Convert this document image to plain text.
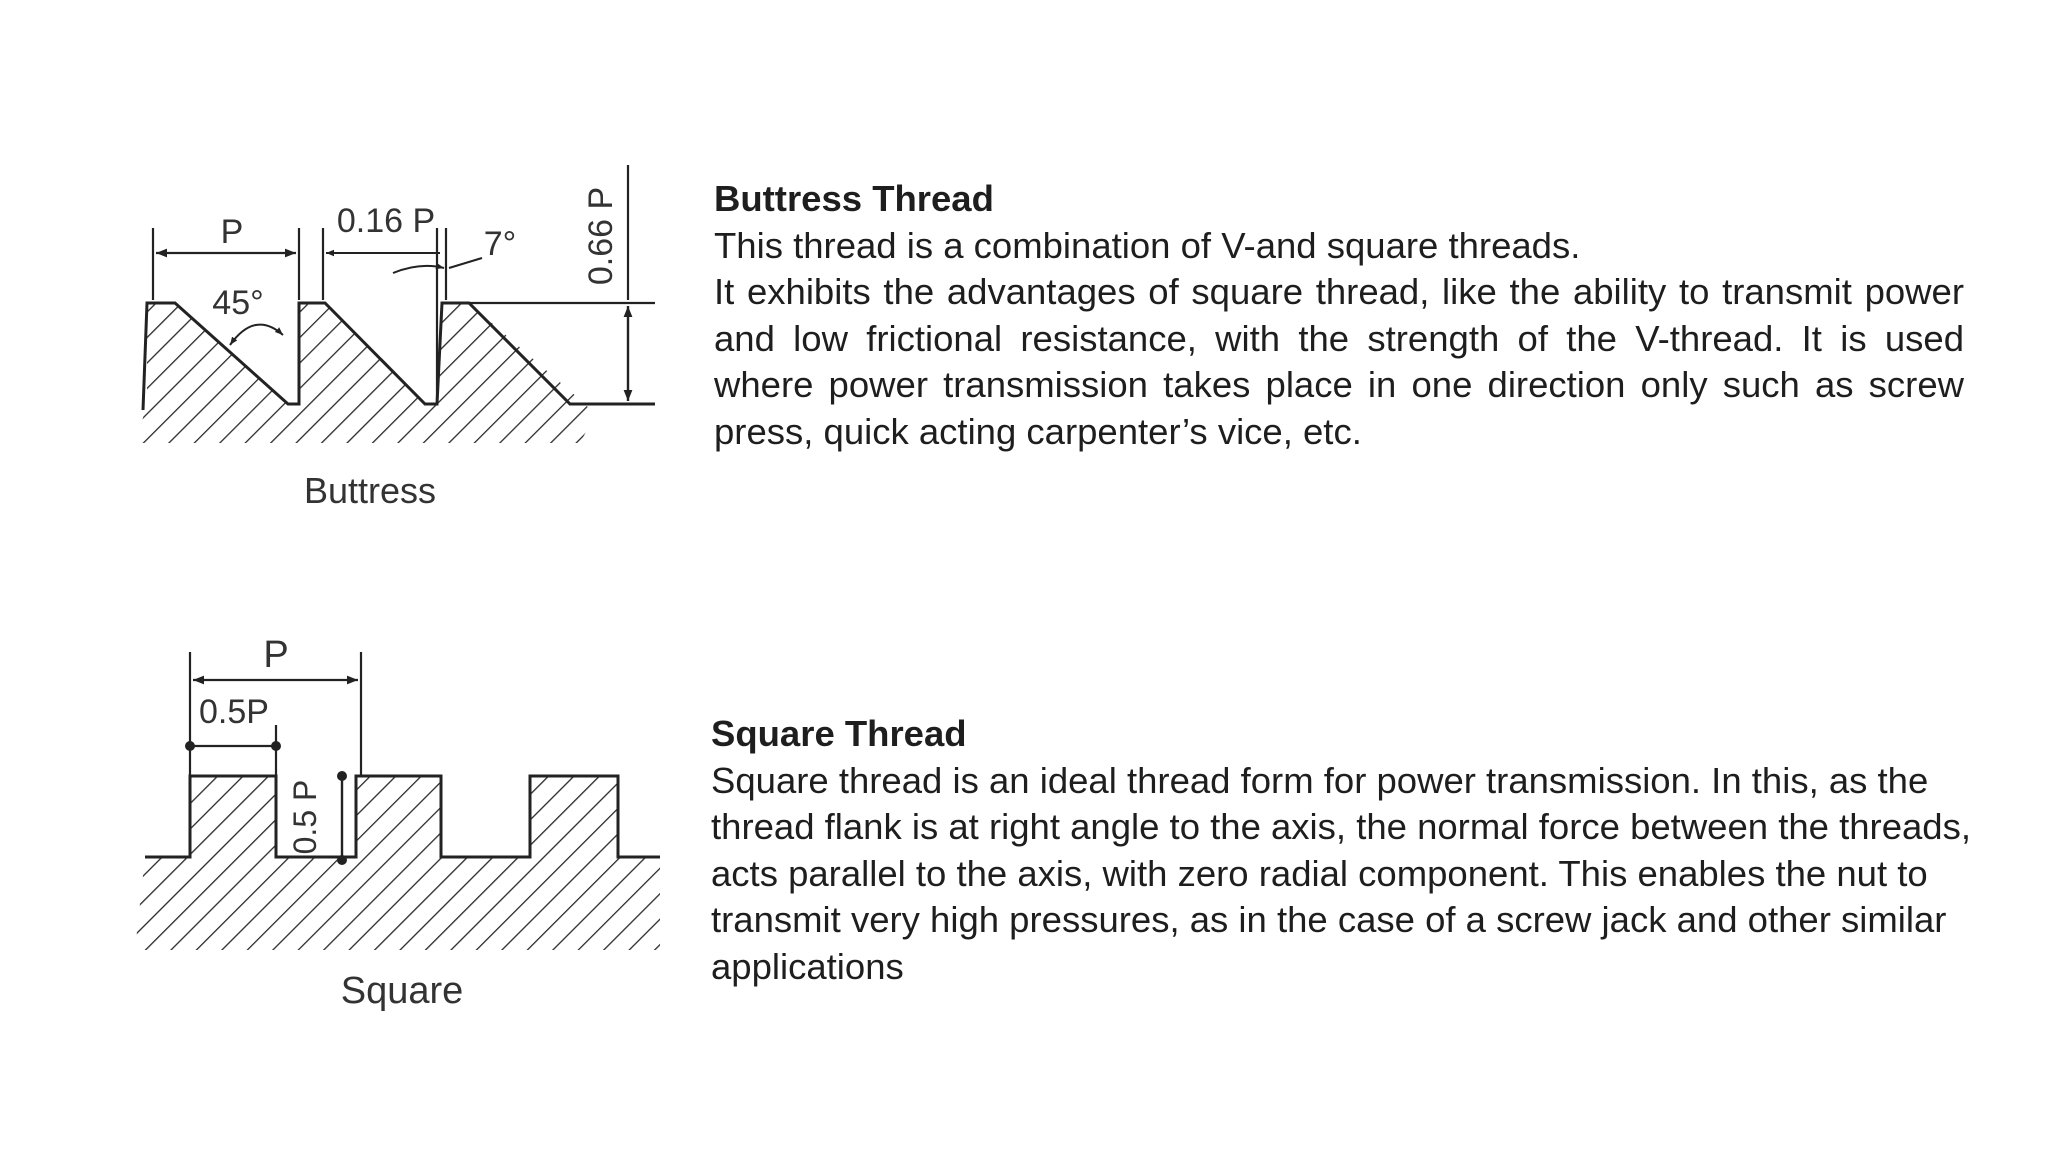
P	0.16 P
7°
45°
0.66 P
Buttress
P
0.5P
0.5 P
Square
Buttress Thread
This thread is a combination of V-and square threads.
It exhibits the advantages of square thread, like the ability to transmit power and low frictional resistance, with the strength of the V-thread. It is used where power transmission takes place in one direction only such as screw press, quick acting carpenter’s vice, etc.
Square Thread
Square thread is an ideal thread form for power transmission. In this, as the thread flank is at right angle to the axis, the normal force between the threads, acts parallel to the axis, with zero radial component. This enables the nut to transmit very high pressures, as in the case of a screw jack and other similar applications
